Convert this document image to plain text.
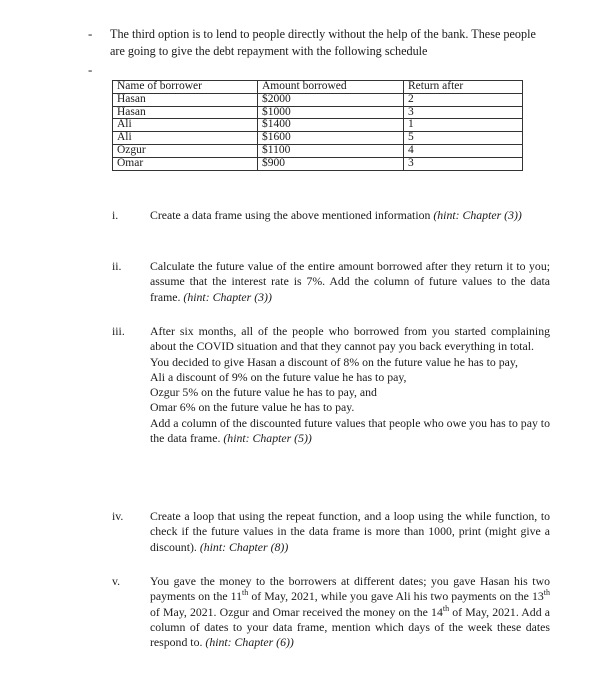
-
-
The third option is to lend to people directly without the help of the bank. These people are going to give the debt repayment with the following schedule
Name of borrower	Amount borrowed	Return after
Hasan	$2000	2
Hasan	$1000	3
Ali	$1400	1
Ali	$1600	5
Ozgur	$1100	4
Omar	$900	3
i.	Create a data frame using the above mentioned information (hint: Chapter (3))
ii.	Calculate the future value of the entire amount borrowed after they return it to you; assume that the interest rate is 7%. Add the column of future values to the data frame. (hint: Chapter (3))
iii.	After six months, all of the people who borrowed from you started complaining about the COVID situation and that they cannot pay you back everything in total.
You decided to give Hasan a discount of 8% on the future value he has to pay,
Ali a discount of 9% on the future value he has to pay,
Ozgur 5% on the future value he has to pay, and
Omar 6% on the future value he has to pay.
Add a column of the discounted future values that people who owe you has to pay to the data frame. (hint: Chapter (5))
iv.	Create a loop that using the repeat function, and a loop using the while function, to check if the future values in the data frame is more than 1000, print (might give a discount). (hint: Chapter (8))
v.	You gave the money to the borrowers at different dates; you gave Hasan his two payments on the 11th of May, 2021, while you gave Ali his two payments on the 13th of May, 2021. Ozgur and Omar received the money on the 14th of May, 2021. Add a column of dates to your data frame, mention which days of the week these dates respond to. (hint: Chapter (6))
